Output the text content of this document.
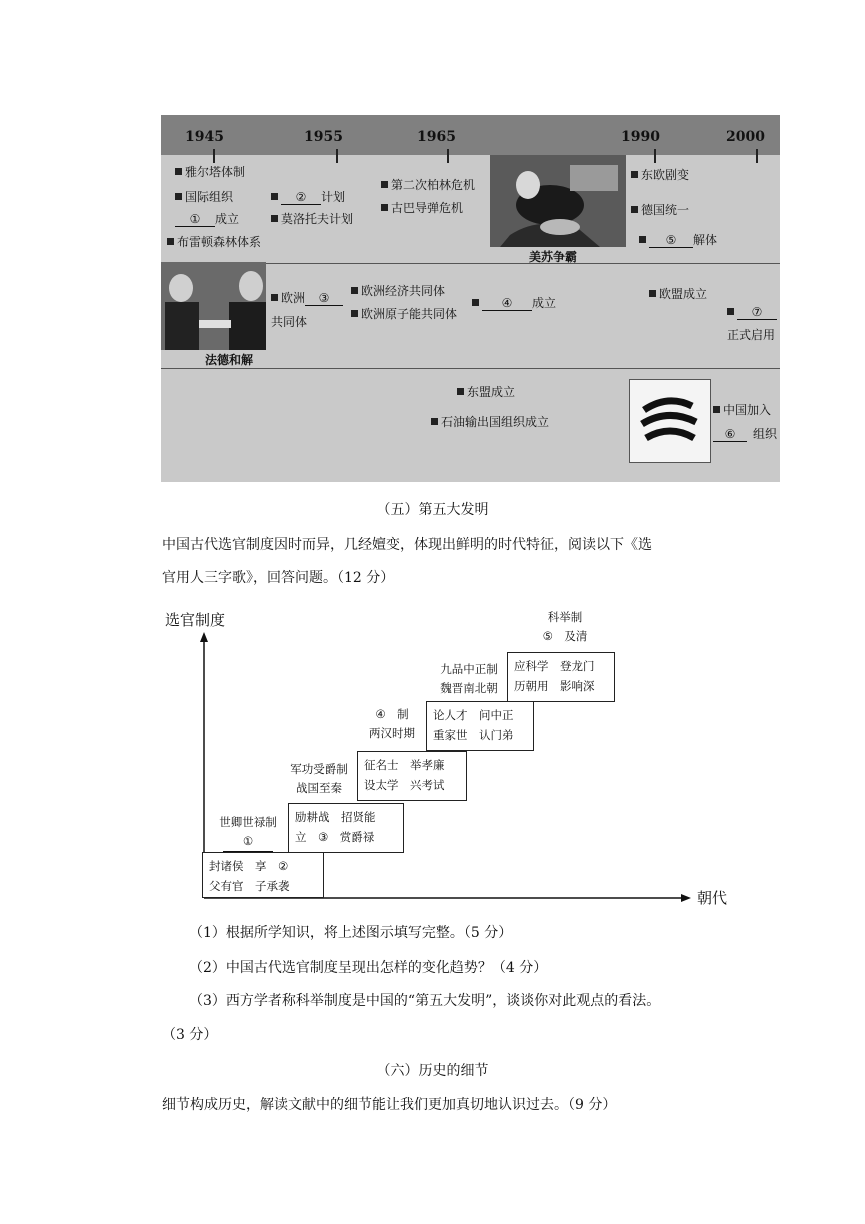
1945	1955	1965	1990	2000
雅尔塔体制
国际组织
① 成立
布雷顿森林体系
② 计划
莫洛托夫计划
第二次柏林危机
古巴导弹危机
美苏争霸
东欧剧变
德国统一
⑤ 解体
法德和解
欧洲 ③
共同体
欧洲经济共同体
欧洲原子能共同体
④ 成立
欧盟成立
⑦
正式启用
东盟成立
石油输出国组织成立
中国加入
⑥ 组织
（五）第五大发明
中国古代选官制度因时而异，几经嬗变，体现出鲜明的时代特征，阅读以下《选
官用人三字歌》，回答问题。（12 分）
选官制度
朝代
封诸侯　享　②
父有官　子承袭
励耕战　招贤能
立　③　赏爵禄
征名士　举孝廉
设太学　兴考试
论人才　问中正
重家世　认门弟
应科学　登龙门
历朝用　影响深
世卿世禄制
①
军功受爵制
战国至秦
④　制
两汉时期
九品中正制
魏晋南北朝
科举制
⑤　及清
（1）根据所学知识，将上述图示填写完整。（5 分）
（2）中国古代选官制度呈现出怎样的变化趋势？（4 分）
（3）西方学者称科举制度是中国的“第五大发明”，谈谈你对此观点的看法。
（3 分）
（六）历史的细节
细节构成历史，解读文献中的细节能让我们更加真切地认识过去。（9 分）
